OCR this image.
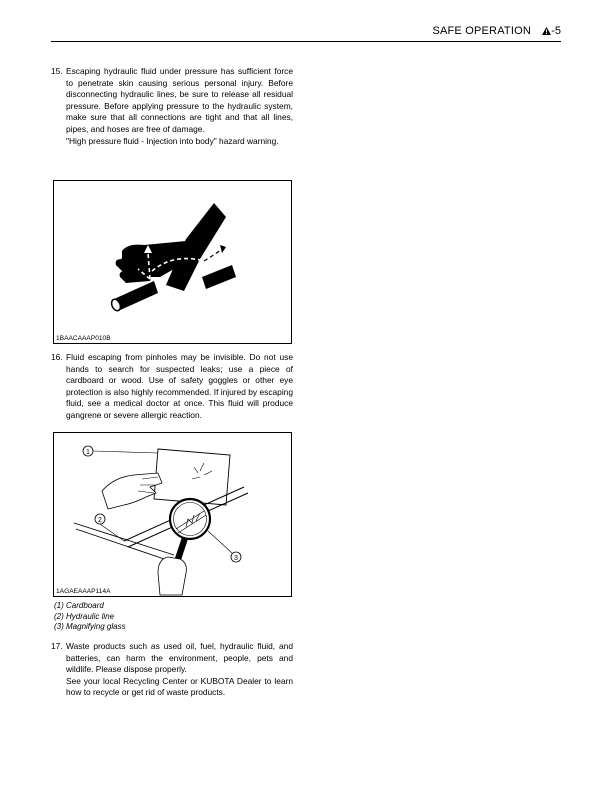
SAFE OPERATION	-5
15. Escaping hydraulic fluid under pressure has sufficient force to penetrate skin causing serious personal injury. Before disconnecting hydraulic lines, be sure to release all residual pressure. Before applying pressure to the hydraulic system, make sure that all connections are tight and that all lines, pipes, and hoses are free of damage.

"High pressure fluid - Injection into body" hazard warning.

1BAACAAAP010B
16. Fluid escaping from pinholes may be invisible. Do not use hands to search for suspected leaks; use a piece of cardboard or wood. Use of safety goggles or other eye protection is also highly recommended. If injured by escaping fluid, see a medical doctor at once. This fluid will produce gangrene or severe allergic reaction.

1
2
3
1AGAEAAAP114A
(1) Cardboard
(2) Hydraulic line
(3) Magnifying glass
17. Waste products such as used oil, fuel, hydraulic fluid, and batteries, can harm the environment, people, pets and wildlife. Please dispose properly.

See your local Recycling Center or KUBOTA Dealer to learn how to recycle or get rid of waste products.
